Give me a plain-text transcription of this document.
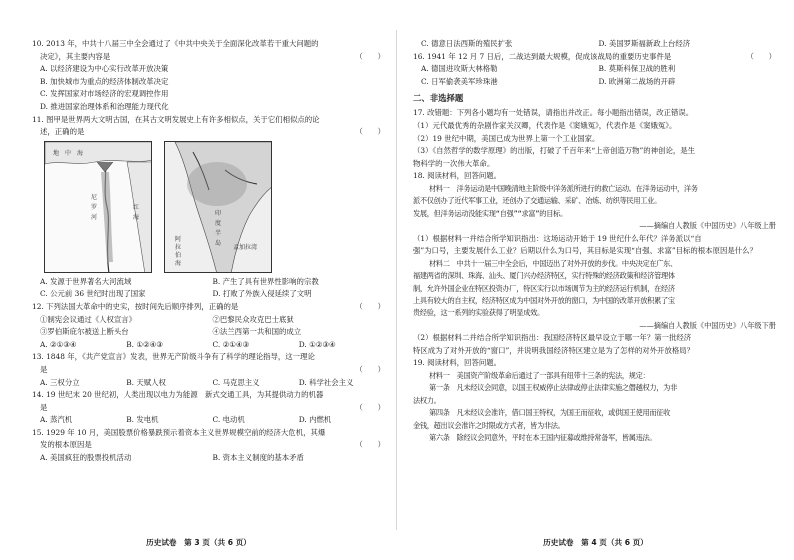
10. 2013 年，中共十八届三中全会通过了《中共中央关于全面深化改革若干重大问题的

决定》，其主要内容是	（　　）

A. 以经济建设为中心实行改革开放决策

B. 加快城市为重点的经济体制改革决定

C. 发挥国家对市场经济的宏观调控作用

D. 推进国家治理体系和治理能力现代化

11. 图甲是世界两大文明古国，在其古文明发展史上有许多相似点，关于它们相似点的论

述，正确的是	（　　）

地　中　海
尼
罗
河
红
海
印
度
半
岛
阿
拉
伯
海
孟加拉湾
A. 发源于世界著名大河流域	B. 产生了具有世界性影响的宗教
C. 公元前 36 世纪时出现了国家	D. 打败了外族入侵延续了文明

12. 下列法国大革命中的史实，按时间先后顺序排列，正确的是	（　　）

①制宪会议通过《人权宣言》	②巴黎民众攻克巴士底狱
③罗伯斯庇尔被送上断头台	④法兰西第一共和国的成立
A. ②①③④	B. ①②④③	C. ②①④③	D. ①②③④

13. 1848 年，《共产党宣言》发表，世界无产阶级斗争有了科学的理论指导，这一理论

是	（　　）

A. 三权分立	B. 天赋人权	C. 马克思主义	D. 科学社会主义

14. 19 世纪末 20 世纪初，人类出现以电力为能源　新式交通工具，为其提供动力的机器

是	（　　）

A. 蒸汽机	B. 发电机	C. 电动机	D. 内燃机

15. 1929 年 10 月，美国股票价格暴跌预示着资本主义世界规模空前的经济大危机，其爆

发的根本原因是	（　　）

A. 美国疯狂的股票投机活动	B. 资本主义制度的基本矛盾
历史试卷　第 3 页（共 6 页）
C. 德意日法西斯的殖民扩张	D. 美国罗斯福新政上台经济

16. 1941 年 12 月 7 日后，二战达到最大规模，促成该战局的重要历史事件是	（　　）

A. 德国进攻斯大林格勒	B. 莫斯科保卫战的胜利
C. 日军偷袭美军珍珠港	D. 欧洲第二战场的开辟
二、非选择题

17. 改错题：下列各小题均有一处错误，请指出并改正。每小题指出错误，改正错误。

（1）元代最优秀的杂剧作家关汉卿，代表作是《窦娥冤》，代表作是《窦娥冤》。

（2）19 世纪中期，美国已成为世界上第一个工业国家。

（3）《自然哲学的数学原理》的出版，打破了千百年来“上帝创造万物”的神创论，是生

物科学的一次伟大革命。

18. 阅读材料，回答问题。

材料一　洋务运动是中国晚清地主阶级中洋务派所进行的救亡运动。在洋务运动中，洋务

派不仅创办了近代军事工业，还创办了交通运输、采矿、冶炼、纺织等民用工业。

发展，但洋务运动没能实现“自强”“求富”的目标。

——摘编自人教版《中国历史》八年级上册

（1）根据材料一并结合所学知识指出：这场运动开始于 19 世纪什么年代？洋务派以“自

强”为口号，主要发展什么工业？后期以什么为口号，其目标是实现“自强、求富”目标的根本原因是什么？

材料二　中共十一届三中全会后，中国迈出了对外开放的步伐。中央决定在广东、

福建两省的深圳、珠海、汕头、厦门兴办经济特区，实行特殊的经济政策和经济管理体

制，允许外国企业在特区投资办厂，特区实行以市场调节为主的经济运行机制，在经济

上具有较大的自主权，经济特区成为中国对外开放的窗口，为中国的改革开放积累了宝

贵经验，这一系列的实验获得了明显成效。

——摘编自人教版《中国历史》八年级下册

（2）根据材料二并结合所学知识指出：我国经济特区最早设立于哪一年？第一批经济

特区成为了对外开放的“窗口”，并说明我国经济特区建立是为了怎样的对外开放格局？

19. 阅读材料，回答问题。

材料一　美国资产阶级革命后通过了一部具有纽带十三条的宪法，规定：

第一条　凡未经议会同意，以国王权威停止法律或停止法律实施之僭越权力，为非

法权力。

第四条　凡未经议会准许，借口国王特权，为国王而征收，或供国王使用而征收

金钱，超出议会准许之时限或方式者，皆为非法。

第六条　除经议会同意外，平时在本王国内征募或维持常备军，皆属违法。

历史试卷　第 4 页（共 6 页）
